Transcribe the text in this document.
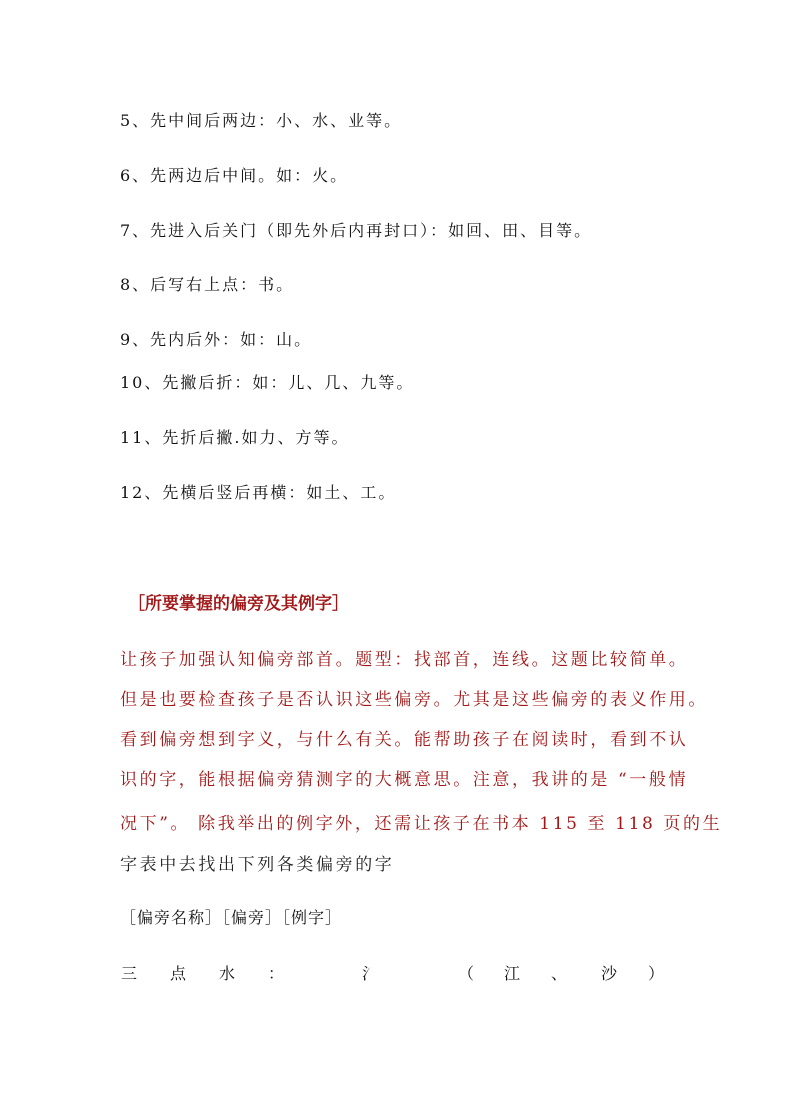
5、先中间后两边：小、水、业等。
6、先两边后中间。如：火。
7、先进入后关门（即先外后内再封口）：如回、田、目等。
8、后写右上点：书。
9、先内后外：如：山。
10、先撇后折：如：儿、几、九等。
11、先折后撇.如力、方等。
12、先横后竖后再横：如土、工。
［所要掌握的偏旁及其例字］
让孩子加强认知偏旁部首。题型：找部首，连线。这题比较简单。
但是也要检查孩子是否认识这些偏旁。尤其是这些偏旁的表义作用。
看到偏旁想到字义，与什么有关。能帮助孩子在阅读时，看到不认
识的字，能根据偏旁猜测字的大概意思。注意，我讲的是 “一般情
况下”。 除我举出的例字外，还需让孩子在书本 115 至 118 页的生
字表中去找出下列各类偏旁的字
［偏旁名称］［偏旁］［例字］
三 点 水 ：	氵	（ 江 、 沙 ）
